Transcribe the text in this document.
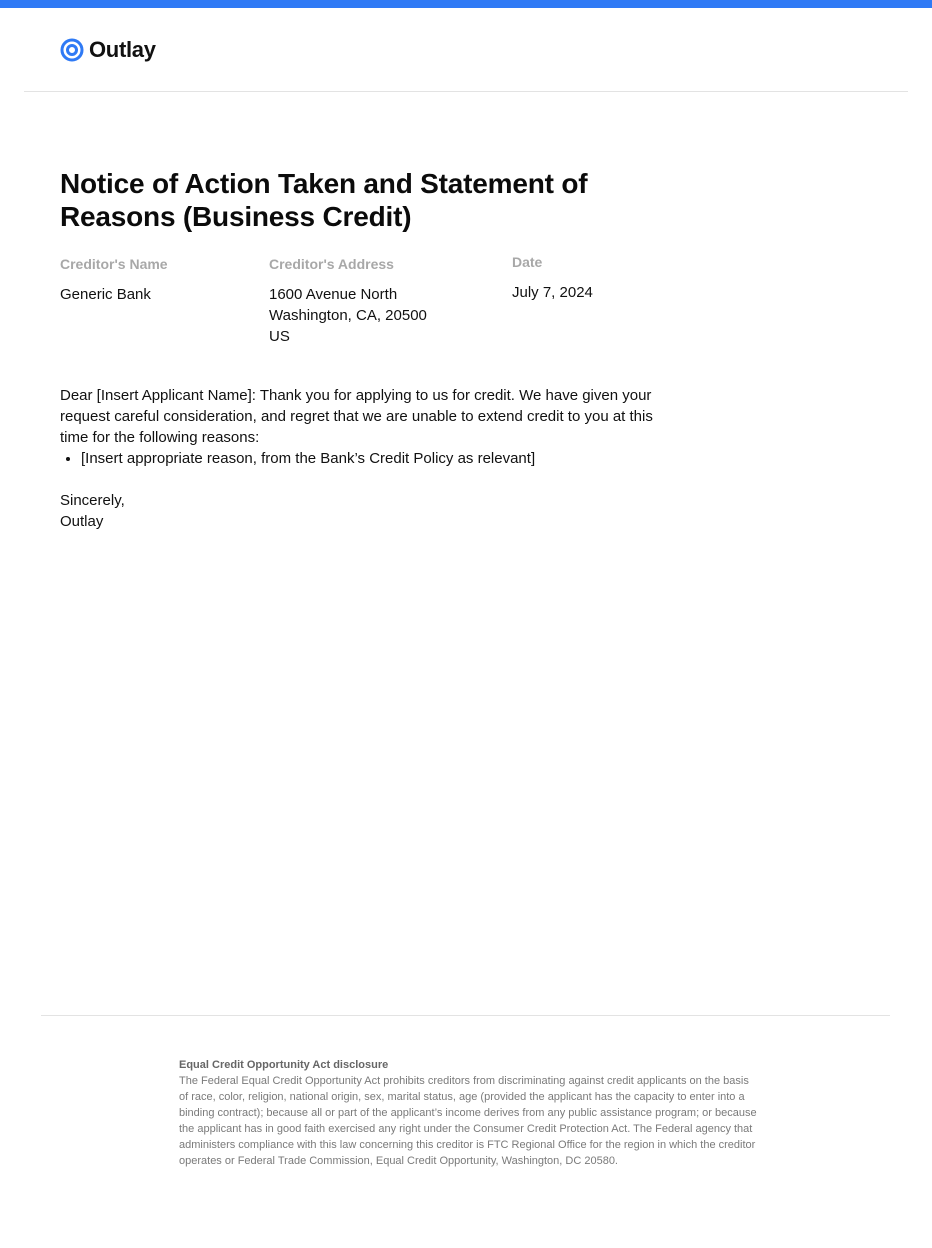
Outlay
Notice of Action Taken and Statement of Reasons (Business Credit)
Creditor's Name
Generic Bank
Creditor's Address
1600 Avenue North
Washington, CA, 20500
US
Date
July 7, 2024

Dear [Insert Applicant Name]: Thank you for applying to us for credit. We have given your request careful consideration, and regret that we are unable to extend credit to you at this time for the following reasons:

• [Insert appropriate reason, from the Bank’s Credit Policy as relevant]

Sincerely,

Outlay

Equal Credit Opportunity Act disclosure
The Federal Equal Credit Opportunity Act prohibits creditors from discriminating against credit applicants on the basis of race, color, religion, national origin, sex, marital status, age (provided the applicant has the capacity to enter into a binding contract); because all or part of the applicant’s income derives from any public assistance program; or because the applicant has in good faith exercised any right under the Consumer Credit Protection Act. The Federal agency that administers compliance with this law concerning this creditor is FTC Regional Office for the region in which the creditor operates or Federal Trade Commission, Equal Credit Opportunity, Washington, DC 20580.
